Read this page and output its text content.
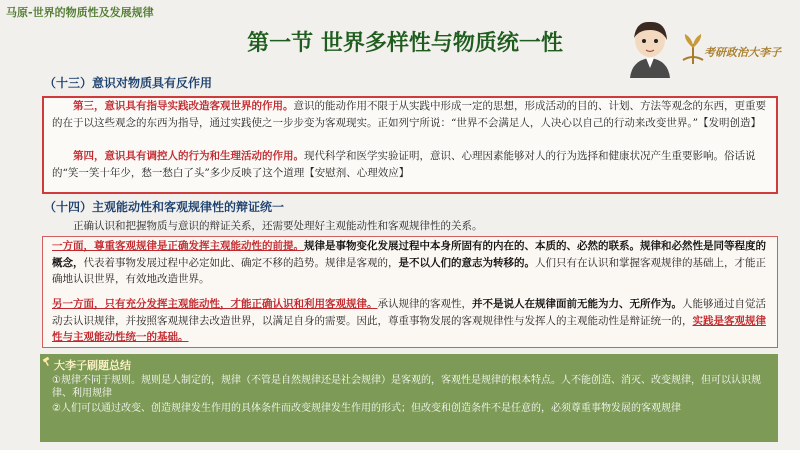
马原-世界的物质性及发展规律
第一节 世界多样性与物质统一性	考研政治大李子
（十三）意识对物质具有反作用
第三，意识具有指导实践改造客观世界的作用。意识的能动作用不限于从实践中形成一定的思想，形成活动的目的、计划、方法等观念的东西，更重要的在于以这些观念的东西为指导，通过实践使之一步步变为客观现实。正如列宁所说：“世界不会满足人，人决心以自己的行动来改变世界。”【发明创造】
第四，意识具有调控人的行为和生理活动的作用。现代科学和医学实验证明，意识、心理因素能够对人的行为选择和健康状况产生重要影响。俗话说的“笑一笑十年少，愁一愁白了头”多少反映了这个道理【安慰剂、心理效应】
（十四）主观能动性和客观规律性的辩证统一
正确认识和把握物质与意识的辩证关系，还需要处理好主观能动性和客观规律性的关系。
一方面，尊重客观规律是正确发挥主观能动性的前提。规律是事物变化发展过程中本身所固有的内在的、本质的、必然的联系。规律和必然性是同等程度的概念，代表着事物发展过程中必定如此、确定不移的趋势。规律是客观的，是不以人们的意志为转移的。人们只有在认识和掌握客观规律的基础上，才能正确地认识世界，有效地改造世界。
另一方面，只有充分发挥主观能动性，才能正确认识和利用客观规律。承认规律的客观性，并不是说人在规律面前无能为力、无所作为。人能够通过自觉活动去认识规律，并按照客观规律去改造世界，以满足自身的需要。因此，尊重事物发展的客观规律性与发挥人的主观能动性是辩证统一的，实践是客观规律性与主观能动性统一的基础。
大李子刷题总结
①规律不同于规则。规则是人制定的，规律（不管是自然规律还是社会规律）是客观的，客观性是规律的根本特点。人不能创造、消灭、改变规律，但可以认识规律、利用规律
②人们可以通过改变、创造规律发生作用的具体条件而改变规律发生作用的形式；但改变和创造条件不是任意的，必须尊重事物发展的客观规律
